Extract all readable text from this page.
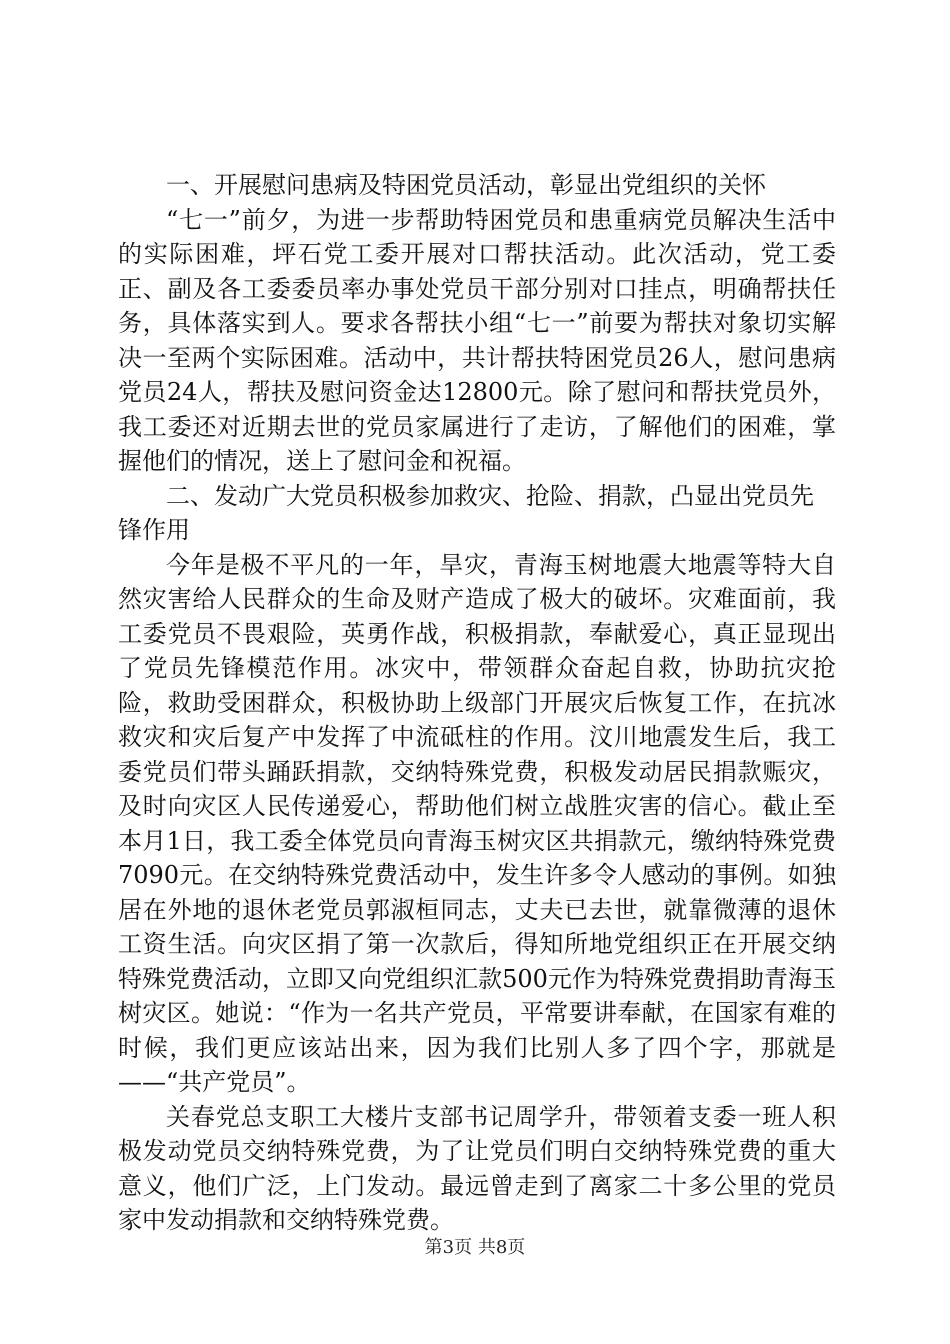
一、开展慰问患病及特困党员活动，彰显出党组织的关怀

“七一”前夕，为进一步帮助特困党员和患重病党员解决生活中的实际困难，坪石党工委开展对口帮扶活动。此次活动，党工委正、副及各工委委员率办事处党员干部分别对口挂点，明确帮扶任务，具体落实到人。要求各帮扶小组“七一”前要为帮扶对象切实解决一至两个实际困难。活动中，共计帮扶特困党员26人，慰问患病党员24人，帮扶及慰问资金达12800元。除了慰问和帮扶党员外，我工委还对近期去世的党员家属进行了走访，了解他们的困难，掌握他们的情况，送上了慰问金和祝福。

二、发动广大党员积极参加救灾、抢险、捐款，凸显出党员先锋作用

今年是极不平凡的一年，旱灾，青海玉树地震大地震等特大自然灾害给人民群众的生命及财产造成了极大的破坏。灾难面前，我工委党员不畏艰险，英勇作战，积极捐款，奉献爱心，真正显现出了党员先锋模范作用。冰灾中，带领群众奋起自救，协助抗灾抢险，救助受困群众，积极协助上级部门开展灾后恢复工作，在抗冰救灾和灾后复产中发挥了中流砥柱的作用。汶川地震发生后，我工委党员们带头踊跃捐款，交纳特殊党费，积极发动居民捐款赈灾，及时向灾区人民传递爱心，帮助他们树立战胜灾害的信心。截止至本月1日，我工委全体党员向青海玉树灾区共捐款元，缴纳特殊党费7090元。在交纳特殊党费活动中，发生许多令人感动的事例。如独居在外地的退休老党员郭淑桓同志，丈夫已去世，就靠微薄的退休工资生活。向灾区捐了第一次款后，得知所地党组织正在开展交纳特殊党费活动，立即又向党组织汇款500元作为特殊党费捐助青海玉树灾区。她说：“作为一名共产党员，平常要讲奉献，在国家有难的时候，我们更应该站出来，因为我们比别人多了四个字，那就是——“共产党员”。

关春党总支职工大楼片支部书记周学升，带领着支委一班人积极发动党员交纳特殊党费，为了让党员们明白交纳特殊党费的重大意义，他们广泛，上门发动。最远曾走到了离家二十多公里的党员家中发动捐款和交纳特殊党费。

第3页 共8页
